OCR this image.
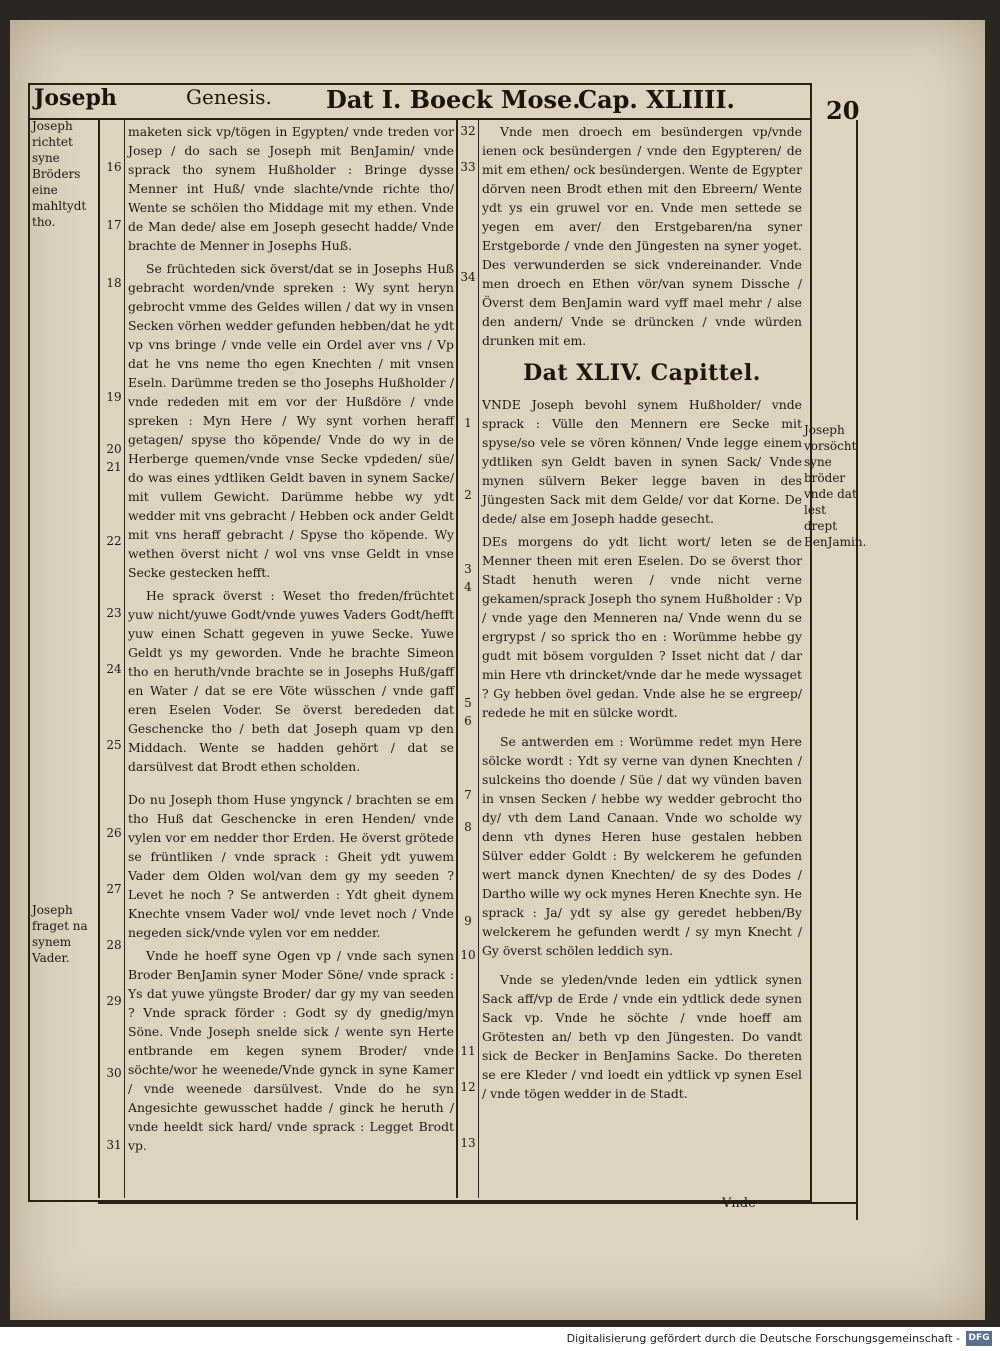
Joseph	Genesis. Dat I. Boeck Mose.
Cap. XLIIII.	20
Joseph richtet syne Bröders eine mahltydt tho.
Joseph fraget na synem Vader.
Joseph vorsöcht syne bröder vnde dat lest drept BenJamin.
16
17
18
19
20
21
22
23
24
25
26
27
28
29
30
31
32
33
34
1
2
3
4
5
6
7
8
9
10
11
12
13

maketen sick vp/tögen in Egypten/ vnde treden vor Josep / do sach se Joseph mit BenJamin/ vnde sprack tho synem Hußholder : Bringe dysse Menner int Huß/ vnde slachte/vnde richte tho/ Wente se schölen tho Middage mit my ethen. Vnde de Man dede/ alse em Joseph gesecht hadde/ Vnde brachte de Menner in Josephs Huß.

Se früchteden sick överst/dat se in Josephs Huß gebracht worden/vnde spreken : Wy synt heryn gebrocht vmme des Geldes willen / dat wy in vnsen Secken vörhen wedder gefunden hebben/dat he ydt vp vns bringe / vnde velle ein Ordel aver vns / Vp dat he vns neme tho egen Knechten / mit vnsen Eseln. Darümme treden se tho Josephs Hußholder / vnde rededen mit em vor der Hußdöre / vnde spreken : Myn Here / Wy synt vorhen heraff getagen/ spyse tho köpende/ Vnde do wy in de Herberge quemen/vnde vnse Secke vpdeden/ süe/ do was eines ydtliken Geldt baven in synem Sacke/ mit vullem Gewicht. Darümme hebbe wy ydt wedder mit vns gebracht / Hebben ock ander Geldt mit vns heraff gebracht / Spyse tho köpende. Wy wethen överst nicht / wol vns vnse Geldt in vnse Secke gestecken hefft.

He sprack överst : Weset tho freden/früchtet yuw nicht/yuwe Godt/vnde yuwes Vaders Godt/hefft yuw einen Schatt gegeven in yuwe Secke. Yuwe Geldt ys my geworden. Vnde he brachte Simeon tho en heruth/vnde brachte se in Josephs Huß/gaff en Water / dat se ere Vöte wüsschen / vnde gaff eren Eselen Voder. Se överst berededen dat Geschencke tho / beth dat Joseph quam vp den Middach. Wente se hadden gehört / dat se darsülvest dat Brodt ethen scholden.

Do nu Joseph thom Huse yngynck / brachten se em tho Huß dat Geschencke in eren Henden/ vnde vylen vor em nedder thor Erden. He överst grötede se früntliken / vnde sprack : Gheit ydt yuwem Vader dem Olden wol/van dem gy my seeden ? Levet he noch ? Se antwerden : Ydt gheit dynem Knechte vnsem Vader wol/ vnde levet noch / Vnde negeden sick/vnde vylen vor em nedder.

Vnde he hoeff syne Ogen vp / vnde sach synen Broder BenJamin syner Moder Söne/ vnde sprack : Ys dat yuwe yüngste Broder/ dar gy my van seeden ? Vnde sprack förder : Godt sy dy gnedig/myn Söne. Vnde Joseph snelde sick / wente syn Herte entbrande em kegen synem Broder/ vnde söchte/wor he weenede/Vnde gynck in syne Kamer / vnde weenede darsülvest. Vnde do he syn Angesichte gewusschet hadde / ginck he heruth / vnde heeldt sick hard/ vnde sprack : Legget Brodt vp.

Vnde men droech em besündergen vp/vnde ienen ock besündergen / vnde den Egypteren/ de mit em ethen/ ock besündergen. Wente de Egypter dörven neen Brodt ethen mit den Ebreern/ Wente ydt ys ein gruwel vor en. Vnde men settede se yegen em aver/ den Erstgebaren/na syner Erstgeborde / vnde den Jüngesten na syner yoget. Des verwunderden se sick vndereinander. Vnde men droech en Ethen vör/van synem Dissche / Överst dem BenJamin ward vyff mael mehr / alse den andern/ Vnde se drüncken / vnde würden drunken mit em.

Dat XLIV. Capittel.

VNDE Joseph bevohl synem Hußholder/ vnde sprack : Vülle den Mennern ere Secke mit spyse/so vele se vören können/ Vnde legge einem ydtliken syn Geldt baven in synen Sack/ Vnde mynen sülvern Beker legge baven in des Jüngesten Sack mit dem Gelde/ vor dat Korne. De dede/ alse em Joseph hadde gesecht.

DEs morgens do ydt licht wort/ leten se de Menner theen mit eren Eselen. Do se överst thor Stadt henuth weren / vnde nicht verne gekamen/sprack Joseph tho synem Hußholder : Vp / vnde yage den Menneren na/ Vnde wenn du se ergrypst / so sprick tho en : Worümme hebbe gy gudt mit bösem vorgulden ? Isset nicht dat / dar min Here vth drincket/vnde dar he mede wyssaget ? Gy hebben övel gedan. Vnde alse he se ergreep/ redede he mit en sülcke wordt.

Se antwerden em : Worümme redet myn Here sölcke wordt : Ydt sy verne van dynen Knechten / sulckeins tho doende / Süe / dat wy vünden baven in vnsen Secken / hebbe wy wedder gebrocht tho dy/ vth dem Land Canaan. Vnde wo scholde wy denn vth dynes Heren huse gestalen hebben Sülver edder Goldt : By welckerem he gefunden wert manck dynen Knechten/ de sy des Dodes / Dartho wille wy ock mynes Heren Knechte syn. He sprack : Ja/ ydt sy alse gy geredet hebben/By welckerem he gefunden werdt / sy myn Knecht / Gy överst schölen leddich syn.

Vnde se yleden/vnde leden ein ydtlick synen Sack aff/vp de Erde / vnde ein ydtlick dede synen Sack vp. Vnde he söchte / vnde hoeff am Grötesten an/ beth vp den Jüngesten. Do vandt sick de Becker in BenJamins Sacke. Do thereten se ere Kleder / vnd loedt ein ydtlick vp synen Esel / vnde tögen wedder in de Stadt.

Vnde
Digitalisierung gefördert durch die Deutsche Forschungsgemeinschaft - DFG
